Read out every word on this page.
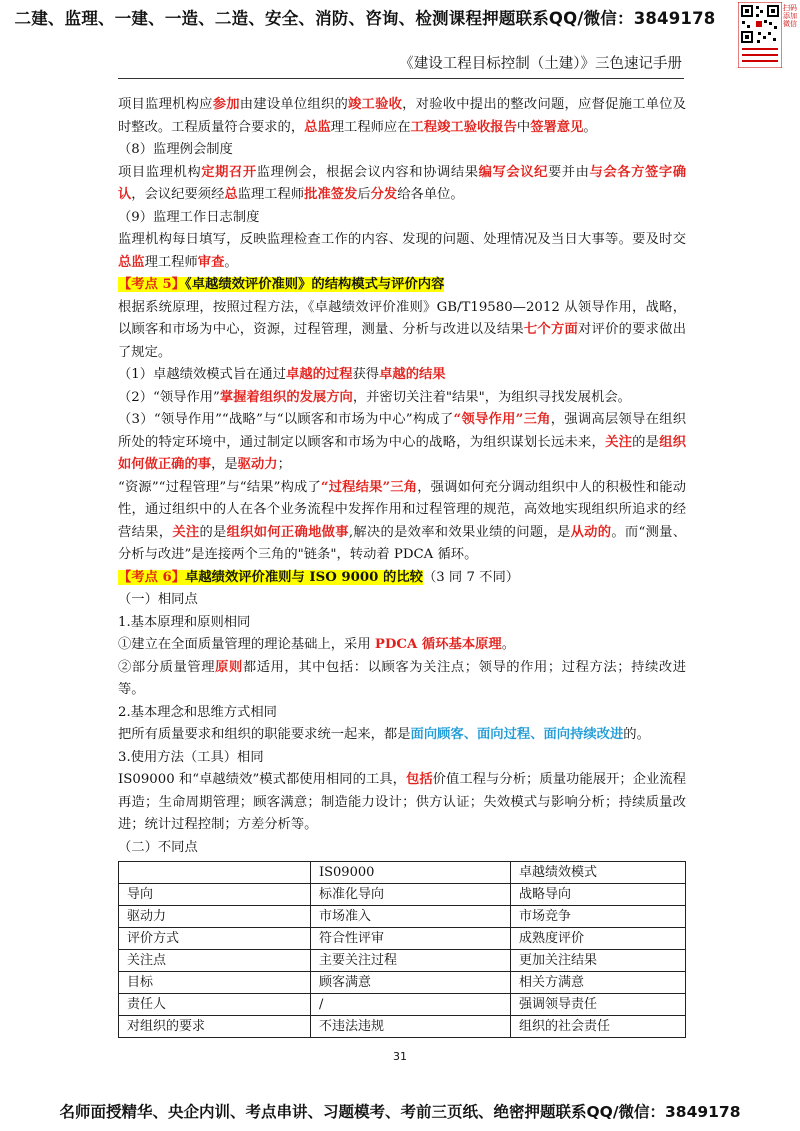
二建、监理、一建、一造、二造、安全、消防、咨询、检测课程押题联系QQ/微信：3849178
扫码添加微信
《建设工程目标控制（土建）》三色速记手册

项目监理机构应参加由建设单位组织的竣工验收，对验收中提出的整改问题，应督促施工单位及时整改。工程质量符合要求的，总监理工程师应在工程竣工验收报告中签署意见。

（8）监理例会制度

项目监理机构定期召开监理例会，根据会议内容和协调结果编写会议纪要并由与会各方签字确认，会议纪要须经总监理工程师批准签发后分发给各单位。

（9）监理工作日志制度

监理机构每日填写，反映监理检查工作的内容、发现的问题、处理情况及当日大事等。要及时交总监理工程师审查。

【考点 5】《卓越绩效评价准则》的结构模式与评价内容

根据系统原理，按照过程方法，《卓越绩效评价准则》GB/T19580—2012 从领导作用，战略，以顾客和市场为中心，资源，过程管理，测量、分析与改进以及结果七个方面对评价的要求做出了规定。

（1）卓越绩效模式旨在通过卓越的过程获得卓越的结果

（2）“领导作用”掌握着组织的发展方向，并密切关注着"结果"，为组织寻找发展机会。

（3）“领导作用”“战略”与“以顾客和市场为中心”构成了“领导作用”三角，强调高层领导在组织所处的特定环境中，通过制定以顾客和市场为中心的战略，为组织谋划长远未来，关注的是组织如何做正确的事，是驱动力；

“资源”“过程管理”与“结果”构成了“过程结果”三角，强调如何充分调动组织中人的积极性和能动性，通过组织中的人在各个业务流程中发挥作用和过程管理的规范，高效地实现组织所追求的经营结果，关注的是组织如何正确地做事,解决的是效率和效果业绩的问题，是从动的。而“测量、分析与改进”是连接两个三角的"链条"，转动着 PDCA 循环。

【考点 6】卓越绩效评价准则与 ISO 9000 的比较（3 同 7 不同）

（一）相同点

1.基本原理和原则相同

①建立在全面质量管理的理论基础上，采用 PDCA 循环基本原理。

②部分质量管理原则都适用，其中包括：以顾客为关注点；领导的作用；过程方法；持续改进等。

2.基本理念和思维方式相同

把所有质量要求和组织的职能要求统一起来，都是面向顾客、面向过程、面向持续改进的。

3.使用方法（工具）相同

IS09000 和“卓越绩效”模式都使用相同的工具，包括价值工程与分析；质量功能展开；企业流程再造；生命周期管理；顾客满意；制造能力设计；供方认证；失效模式与影响分析；持续质量改进；统计过程控制；方差分析等。

（二）不同点

	IS09000	卓越绩效模式
导向	标准化导向	战略导向
驱动力	市场准入	市场竞争
评价方式	符合性评审	成熟度评价
关注点	主要关注过程	更加关注结果
目标	顾客满意	相关方满意
责任人	/	强调领导责任
对组织的要求	不违法违规	组织的社会责任
31
名师面授精华、央企内训、考点串讲、习题模考、考前三页纸、绝密押题联系QQ/微信：3849178
